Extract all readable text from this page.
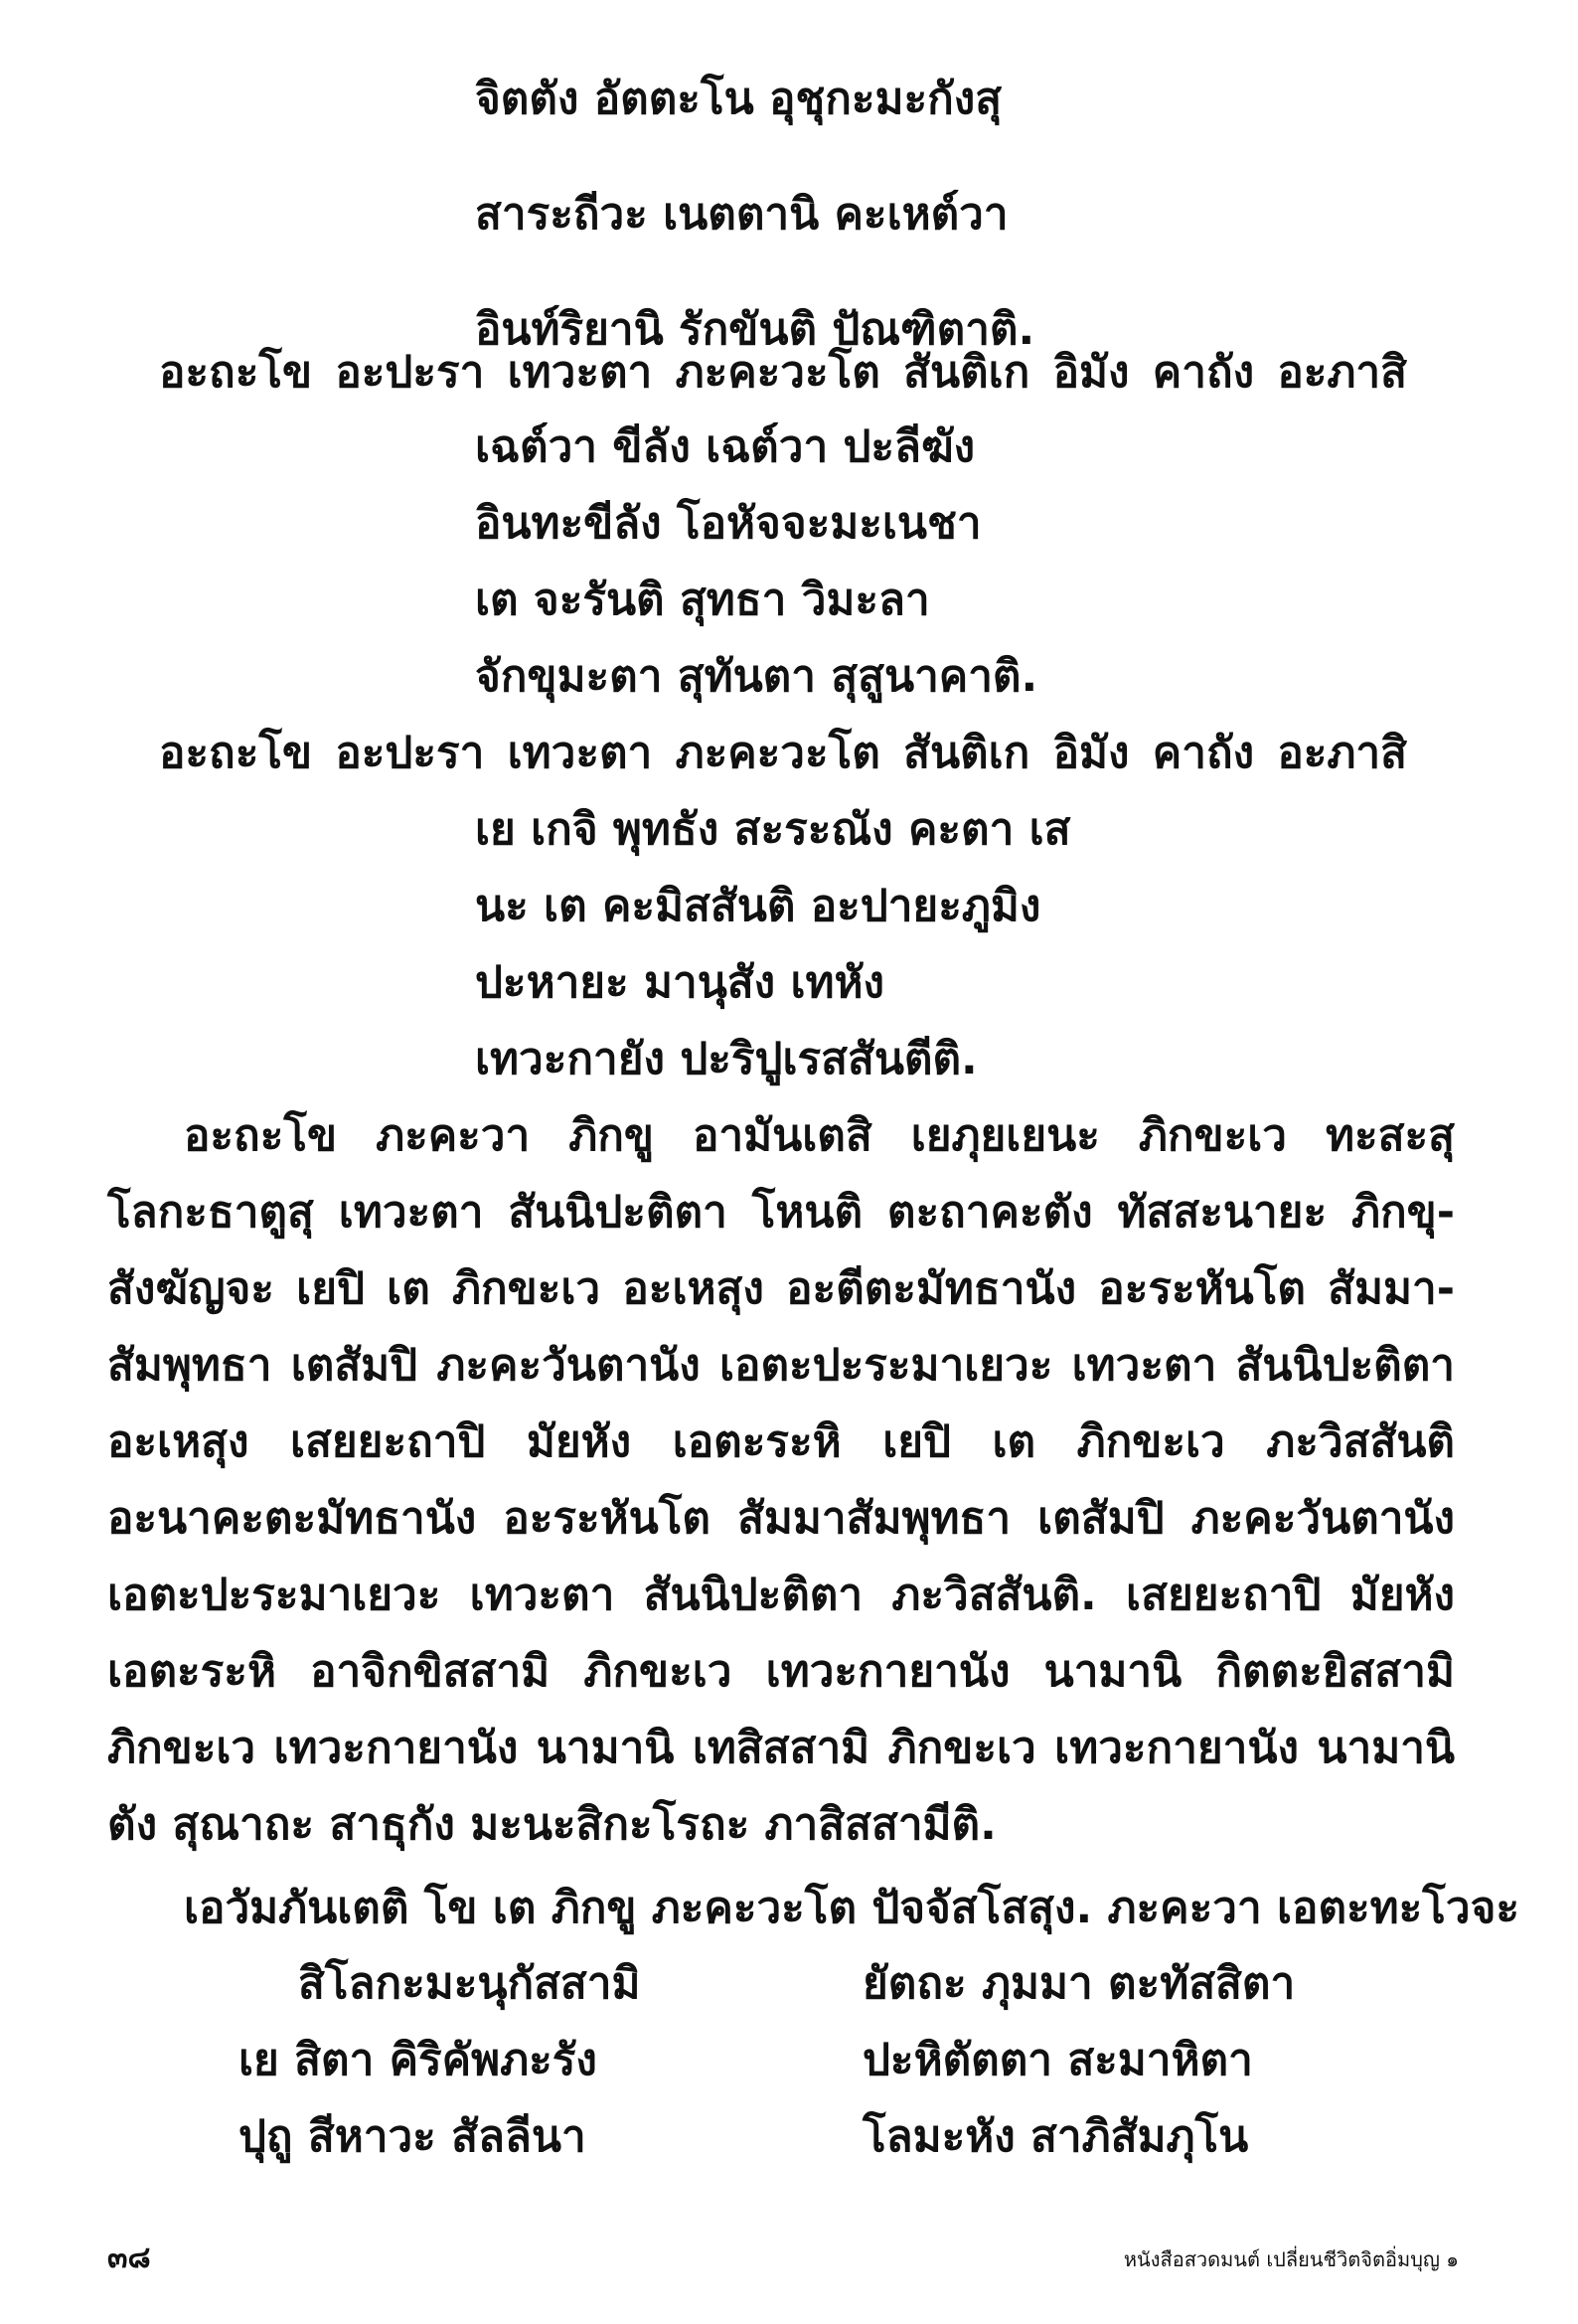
จิตตัง อัตตะโน อุชุกะมะกังสุ
สาระถีวะ เนตตานิ คะเหต์วา
อินท์ริยานิ รักขันติ ปัณฑิตาติ.
อะถะโข อะปะรา เทวะตา ภะคะวะโต สันติเก อิมัง คาถัง อะภาสิ
เฉต์วา ขีลัง เฉต์วา ปะลีฆัง
อินทะขีลัง โอหัจจะมะเนชา
เต จะรันติ สุทธา วิมะลา
จักขุมะตา สุทันตา สุสูนาคาติ.
อะถะโข อะปะรา เทวะตา ภะคะวะโต สันติเก อิมัง คาถัง อะภาสิ
เย เกจิ พุทธัง สะระณัง คะตา เส
นะ เต คะมิสสันติ อะปายะภูมิง
ปะหายะ มานุสัง เทหัง
เทวะกายัง ปะริปูเรสสันตีติ.
อะถะโข ภะคะวา ภิกขู อามันเตสิ เยภุยเยนะ ภิกขะเว ทะสะสุ
โลกะธาตูสุ เทวะตา สันนิปะติตา โหนติ ตะถาคะตัง ทัสสะนายะ ภิกขุ-
สังฆัญจะ เยปิ เต ภิกขะเว อะเหสุง อะตีตะมัทธานัง อะระหันโต สัมมา-
สัมพุทธา เตสัมปิ ภะคะวันตานัง เอตะปะระมาเยวะ เทวะตา สันนิปะติตา
อะเหสุง เสยยะถาปิ มัยหัง เอตะระหิ เยปิ เต ภิกขะเว ภะวิสสันติ
อะนาคะตะมัทธานัง อะระหันโต สัมมาสัมพุทธา เตสัมปิ ภะคะวันตานัง
เอตะปะระมาเยวะ เทวะตา สันนิปะติตา ภะวิสสันติ. เสยยะถาปิ มัยหัง
เอตะระหิ อาจิกขิสสามิ ภิกขะเว เทวะกายานัง นามานิ กิตตะยิสสามิ
ภิกขะเว เทวะกายานัง นามานิ เทสิสสามิ ภิกขะเว เทวะกายานัง นามานิ
ตัง สุณาถะ สาธุกัง มะนะสิกะโรถะ ภาสิสสามีติ.
เอวัมภันเตติ โข เต ภิกขู ภะคะวะโต ปัจจัสโสสุง. ภะคะวา เอตะทะโวจะ
สิโลกะมะนุกัสสามิ	ยัตถะ ภุมมา ตะทัสสิตา
เย สิตา คิริคัพภะรัง	ปะหิตัตตา สะมาหิตา
ปุถู สีหาวะ สัลลีนา	โลมะหัง สาภิสัมภุโน
๓๘	หนังสือสวดมนต์ เปลี่ยนชีวิตจิตอิ่มบุญ ๑
